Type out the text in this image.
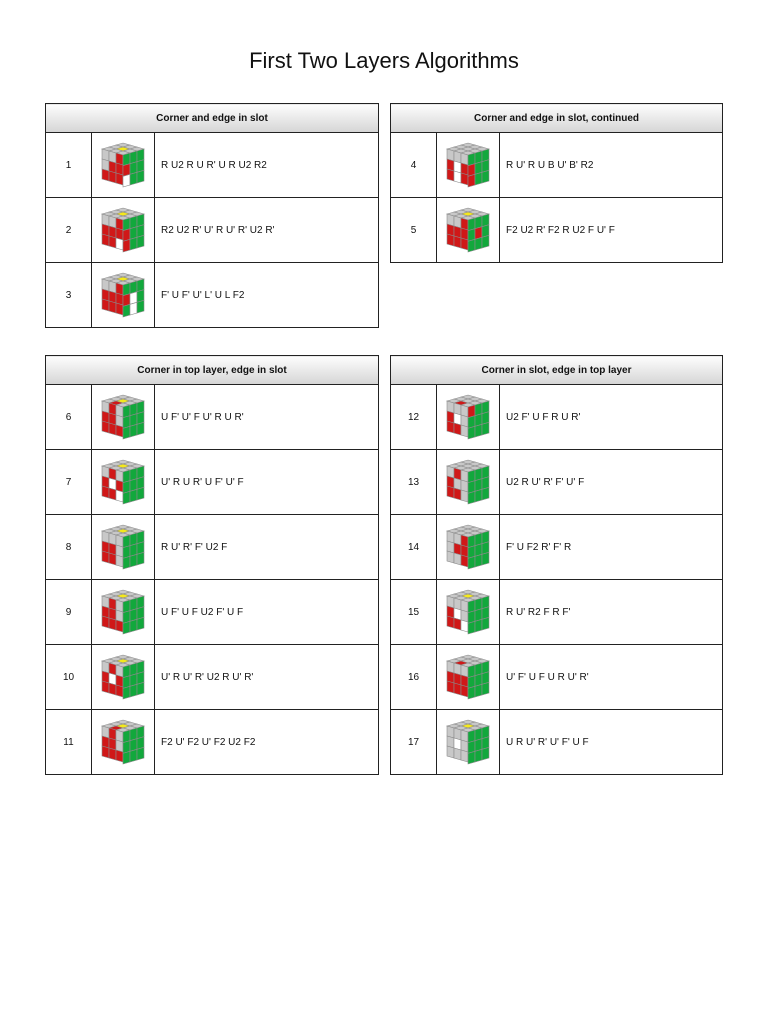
First Two Layers Algorithms
Corner and edge in slot		
1		R U2 R U R' U R U2 R2
2		R2 U2 R' U' R U' R' U2 R'
3		F' U F' U' L' U L F2
Corner and edge in slot, continued		
4		R U' R U B U' B' R2
5		F2 U2 R' F2 R U2 F U' F
Corner in top layer, edge in slot		
6		U F' U' F U' R U R'
7		U' R U R' U F' U' F
8		R U' R' F' U2 F
9		U F' U F U2 F' U F
10		U' R U' R' U2 R U' R'
11		F2 U' F2 U' F2 U2 F2
Corner in slot, edge in top layer		
12		U2 F' U F R U R'
13		U2 R U' R' F' U' F
14		F' U F2 R' F' R
15		R U' R2 F R F'
16		U' F' U F U R U' R'
17		U R U' R' U' F' U F
